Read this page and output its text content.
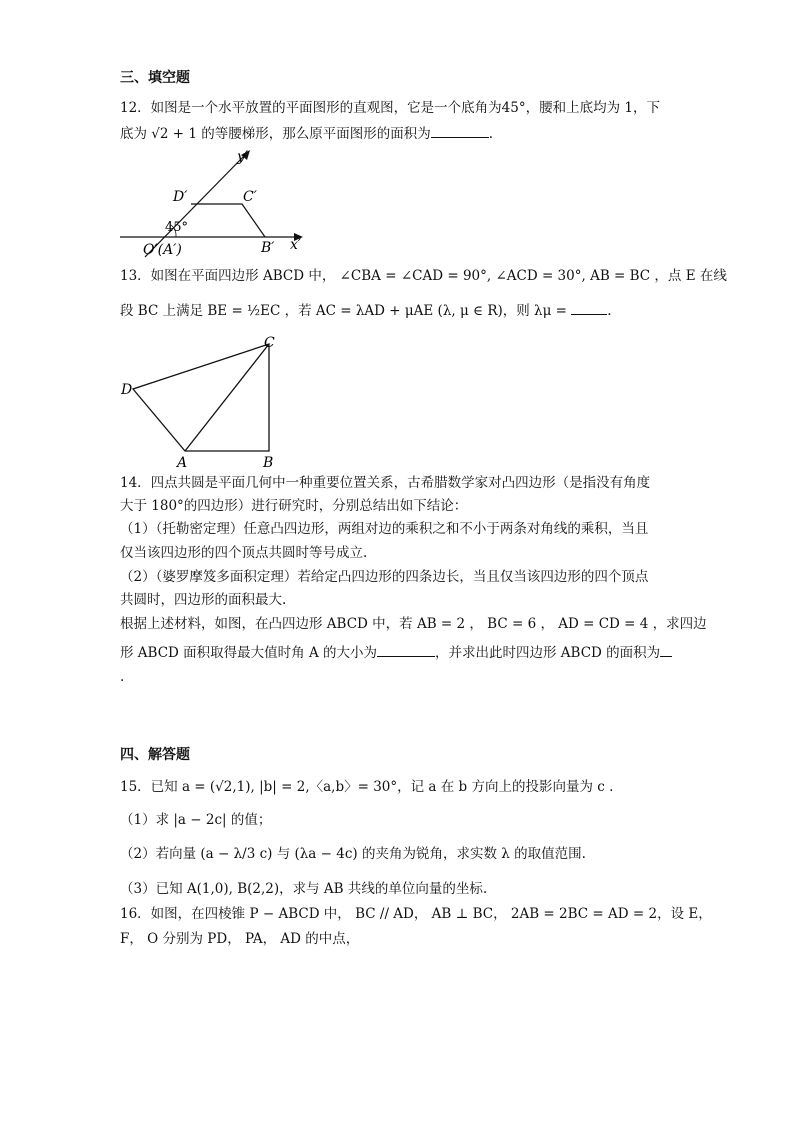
三、填空题
12．如图是一个水平放置的平面图形的直观图，它是一个底角为45°，腰和上底均为 1，下
底为 √2 + 1 的等腰梯形，那么原平面图形的面积为	.
y′
x′
D′	C′
45°
O′(A′)	B′
13．如图在平面四边形 ABCD 中， ∠CBA = ∠CAD = 90°, ∠ACD = 30°, AB = BC ，点 E 在线
段 BC 上满足 BE = ½EC ，若 AC = λAD + μAE (λ, μ ∈ R)，则 λμ =	.
C
D
A	B
14．四点共圆是平面几何中一种重要位置关系，古希腊数学家对凸四边形（是指没有角度
大于 180°的四边形）进行研究时，分别总结出如下结论：
（1）（托勒密定理）任意凸四边形，两组对边的乘积之和不小于两条对角线的乘积，当且
仅当该四边形的四个顶点共圆时等号成立.
（2）（婆罗摩笈多面积定理）若给定凸四边形的四条边长，当且仅当该四边形的四个顶点
共圆时，四边形的面积最大.
根据上述材料，如图，在凸四边形 ABCD 中，若 AB = 2 ， BC = 6 ， AD = CD = 4 ，求四边
形 ABCD 面积取得最大值时角 A 的大小为	，并求出此时四边形 ABCD 的面积为
.
四、解答题
15．已知 a = (√2,1), |b| = 2,〈a,b〉= 30°，记 a 在 b 方向上的投影向量为 c .
（1）求 |a − 2c| 的值；
（2）若向量 (a − λ/3 c) 与 (λa − 4c) 的夹角为锐角，求实数 λ 的取值范围.
（3）已知 A(1,0), B(2,2)，求与 AB 共线的单位向量的坐标.
16．如图，在四棱锥 P − ABCD 中， BC // AD， AB ⊥ BC， 2AB = 2BC = AD = 2，设 E，
F， O 分别为 PD， PA， AD 的中点，
